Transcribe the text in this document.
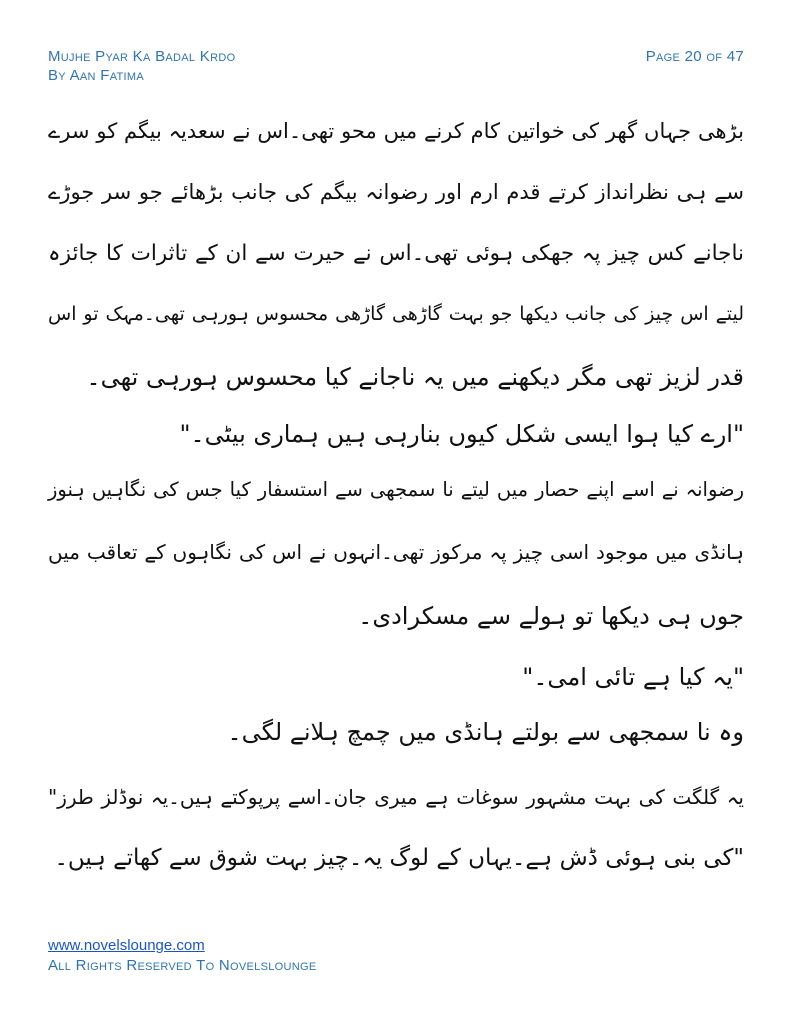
Mujhe Pyar Ka Badal Krdo
By Aan Fatima
Page 20 of 47
بڑھی جہاں گھر کی خواتین کام کرنے میں محو تھی۔اس نے سعدیہ بیگم کو سرے
سے ہی نظرانداز کرتے قدم ارم اور رضوانہ بیگم کی جانب بڑھائے جو سر جوڑے
ناجانے کس چیز پہ جھکی ہوئی تھی۔اس نے حیرت سے ان کے تاثرات کا جائزہ
لیتے اس چیز کی جانب دیکھا جو بہت گاڑھی گاڑھی محسوس ہورہی تھی۔مہک تو اس
قدر لزیز تھی مگر دیکھنے میں یہ ناجانے کیا محسوس ہورہی تھی۔
"ارے کیا ہوا ایسی شکل کیوں بنارہی ہیں ہماری بیٹی۔"
رضوانہ نے اسے اپنے حصار میں لیتے نا سمجھی سے استسفار کیا جس کی نگاہیں ہنوز
ہانڈی میں موجود اسی چیز پہ مرکوز تھی۔انہوں نے اس کی نگاہوں کے تعاقب میں
جوں ہی دیکھا تو ہولے سے مسکرادی۔
"یہ کیا ہے تائی امی۔"
وہ نا سمجھی سے بولتے ہانڈی میں چمچ ہلانے لگی۔
یہ گلگت کی بہت مشہور سوغات ہے میری جان۔اسے پرپوکتے ہیں۔یہ نوڈلز طرز"
"کی بنی ہوئی ڈش ہے۔یہاں کے لوگ یہ۔چیز بہت شوق سے کھاتے ہیں۔
www.novelslounge.com
All Rights Reserved To Novelslounge
